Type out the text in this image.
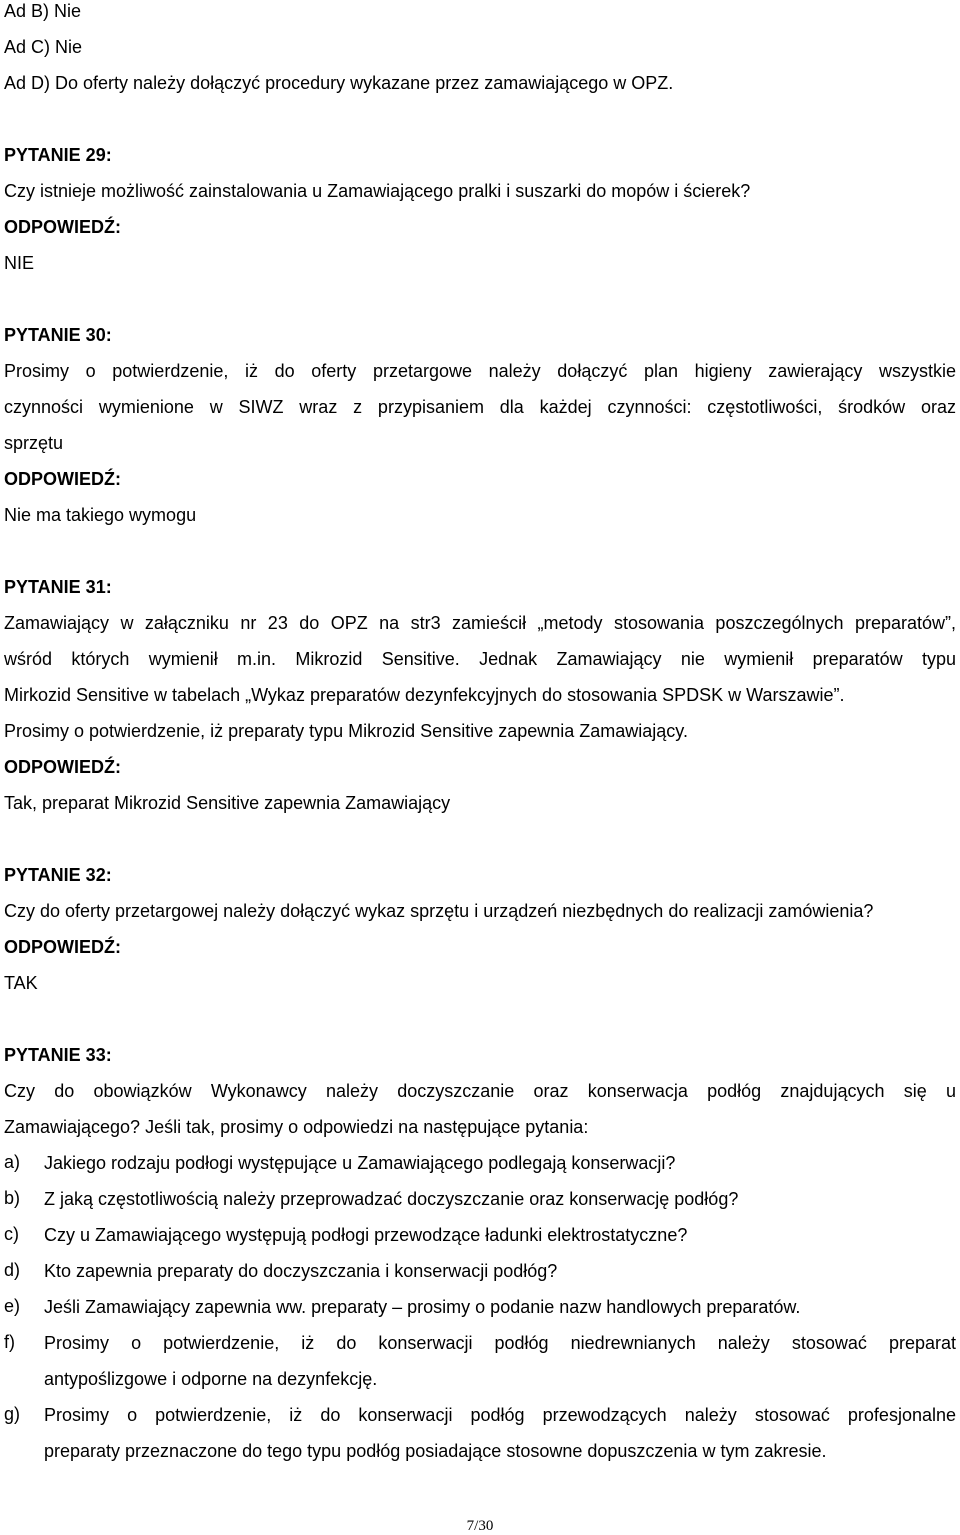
Ad B) Nie
Ad C) Nie
Ad D) Do oferty należy dołączyć procedury wykazane przez zamawiającego w OPZ.
PYTANIE 29:
Czy istnieje możliwość zainstalowania u Zamawiającego pralki i suszarki do mopów i ścierek?
ODPOWIEDŹ:
NIE
PYTANIE 30:
Prosimy o potwierdzenie, iż do oferty przetargowe należy dołączyć plan higieny zawierający wszystkie
czynności wymienione w SIWZ wraz z przypisaniem dla każdej czynności: częstotliwości, środków oraz
sprzętu
ODPOWIEDŹ:
Nie ma takiego wymogu
PYTANIE 31:
Zamawiający w załączniku nr 23 do OPZ na str3 zamieścił „metody stosowania poszczególnych preparatów”,
wśród których wymienił m.in. Mikrozid Sensitive. Jednak Zamawiający nie wymienił preparatów typu
Mirkozid Sensitive w tabelach „Wykaz preparatów dezynfekcyjnych do stosowania SPDSK w Warszawie”.
Prosimy o potwierdzenie, iż preparaty typu Mikrozid Sensitive zapewnia Zamawiający.
ODPOWIEDŹ:
Tak, preparat Mikrozid Sensitive zapewnia Zamawiający
PYTANIE 32:
Czy do oferty przetargowej należy dołączyć wykaz sprzętu i urządzeń niezbędnych do realizacji zamówienia?
ODPOWIEDŹ:
TAK
PYTANIE 33:
Czy do obowiązków Wykonawcy należy doczyszczanie oraz konserwacja podłóg znajdujących się u
Zamawiającego? Jeśli tak, prosimy o odpowiedzi na następujące pytania:
a) Jakiego rodzaju podłogi występujące u Zamawiającego podlegają konserwacji?
b) Z jaką częstotliwością należy przeprowadzać doczyszczanie oraz konserwację podłóg?
c) Czy u Zamawiającego występują podłogi przewodzące ładunki elektrostatyczne?
d) Kto zapewnia preparaty do doczyszczania i konserwacji podłóg?
e) Jeśli Zamawiający zapewnia ww. preparaty – prosimy o podanie nazw handlowych preparatów.
f) Prosimy o potwierdzenie, iż do konserwacji podłóg niedrewnianych należy stosować preparat
antypoślizgowe i odporne na dezynfekcję.
g) Prosimy o potwierdzenie, iż do konserwacji podłóg przewodzących należy stosować profesjonalne
preparaty przeznaczone do tego typu podłóg posiadające stosowne dopuszczenia w tym zakresie.
7/30
